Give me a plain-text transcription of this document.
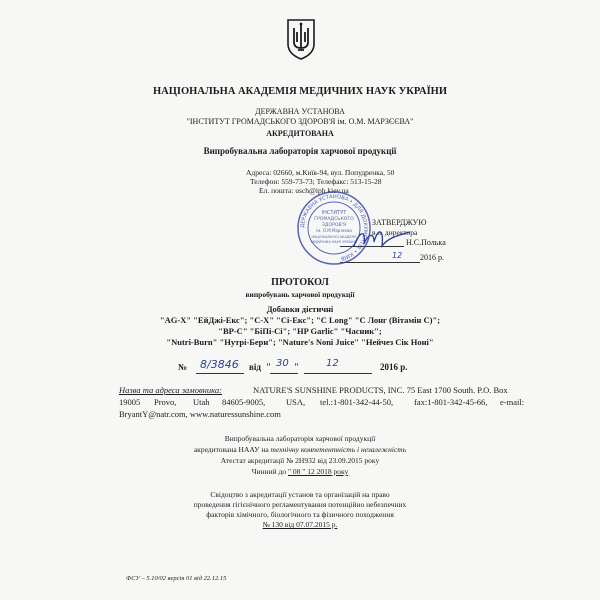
НАЦІОНАЛЬНА АКАДЕМІЯ МЕДИЧНИХ НАУК УКРАЇНИ
ДЕРЖАВНА УСТАНОВА
"ІНСТИТУТ ГРОМАДСЬКОГО ЗДОРОВ'Я ім. О.М. МАРЗЄЄВА"
АКРЕДИТОВАНА
Випробувальна лабораторія харчової продукції
Адреса: 02660, м.Київ-94, вул. Попудренка, 50
Телефон: 559-73-73; Телефакс: 513-15-28
Ел. пошта: usch@iph.kiev.ua
ЗАТВЕРДЖУЮ
в.о. директора
Н.С.Полька
12 2016 р.
ДЕРЖАВНА УСТАНОВА • ДЛЯ ДОКУМЕНТІВ • КИЇВ
ІНСТИТУТ
ГРОМАДСЬКОГО
ЗДОРОВ'Я
ім. О.М.Марзєєва
НАЦІОНАЛЬНОЇ АКАДЕМІЇ
МЕДИЧНИХ НАУК УКРАЇНИ
ПРОТОКОЛ
випробувань харчової продукції
Добавки дієтичні
"AG-X" "ЕйДжі-Екс"; "C-X" "Сі-Екс"; "C Long" "С Лонг (Вітамін С)";
"BP-C" "БіПі-Сі"; "HP Garlic" "Часник";
"Nutri-Burn" "Нутрі-Берн"; "Nature's Noni Juice" "Нейчез Сік Ноні"
№ 8/3846 від " 30 "	12	2016 р.
Назва та адреса замовника:	NATURE'S SUNSHINE PRODUCTS, INC. 75 East 1700 South. P.O. Box
19005 Provo, Utah 84605-9005, USA, tel.:1-801-342-44-50, fax:1-801-342-45-66, e-mail:
BryantY@natr.com, www.naturessunshine.com
Випробувальна лабораторія харчової продукції
акредитована НААУ на технічну компетентність і незалежність
Атестат акредитації № 2Н932 від 23.09.2015 року
Чинний до " 08 " 12 2018 року
Свідоцтво з акредитації установ та організацій на право
проведення гігієнічного регламентування потенційно небезпечних
факторів хімічного, біологічного та фізичного походження
№ 130 від 07.07.2015 р.
ФСУ – 5.10/02 версія 01 від 22.12.15
